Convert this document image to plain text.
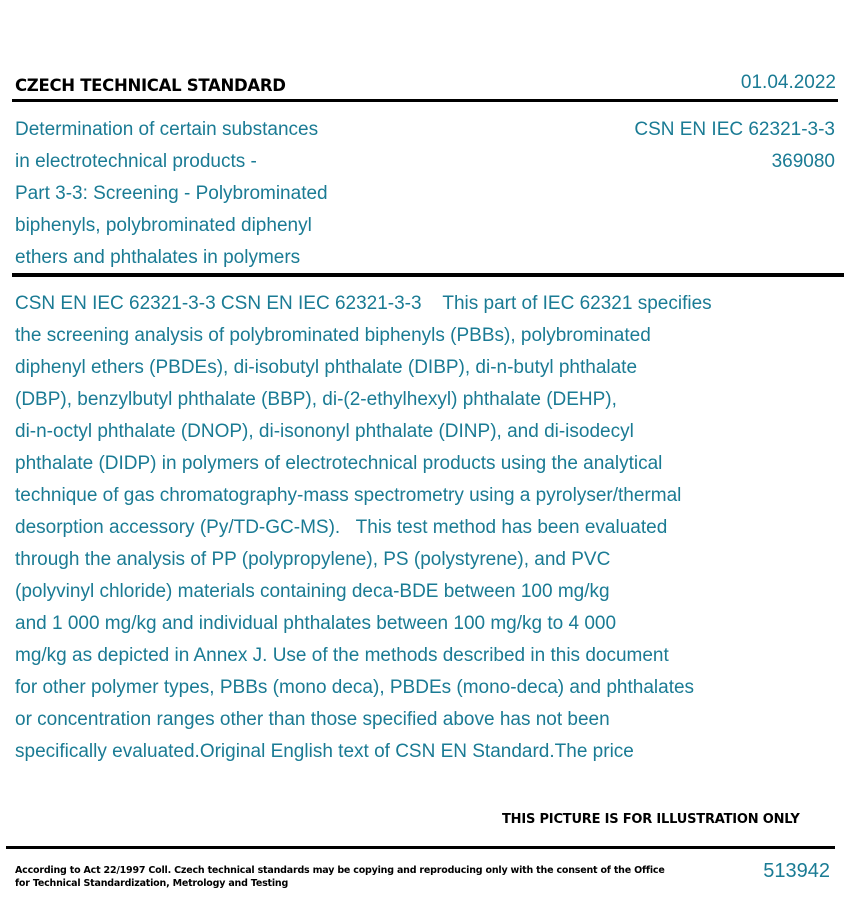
CZECH TECHNICAL STANDARD	01.04.2022
Determination of certain substances
in electrotechnical products -
Part 3-3: Screening - Polybrominated
biphenyls, polybrominated diphenyl
ethers and phthalates in polymers
CSN EN IEC 62321-3-3
369080
CSN EN IEC 62321-3-3 CSN EN IEC 62321-3-3    This part of IEC 62321 specifies
the screening analysis of polybrominated biphenyls (PBBs), polybrominated
diphenyl ethers (PBDEs), di-isobutyl phthalate (DIBP), di-n-butyl phthalate
(DBP), benzylbutyl phthalate (BBP), di-(2-ethylhexyl) phthalate (DEHP),
di-n-octyl phthalate (DNOP), di-isononyl phthalate (DINP), and di-isodecyl
phthalate (DIDP) in polymers of electrotechnical products using the analytical
technique of gas chromatography-mass spectrometry using a pyrolyser/thermal
desorption accessory (Py/TD-GC-MS).   This test method has been evaluated
through the analysis of PP (polypropylene), PS (polystyrene), and PVC
(polyvinyl chloride) materials containing deca-BDE between 100 mg/kg
and 1 000 mg/kg and individual phthalates between 100 mg/kg to 4 000
mg/kg as depicted in Annex J. Use of the methods described in this document
for other polymer types, PBBs (mono deca), PBDEs (mono-deca) and phthalates
or concentration ranges other than those specified above has not been
specifically evaluated.Original English text of CSN EN Standard.The price
THIS PICTURE IS FOR ILLUSTRATION ONLY
According to Act 22/1997 Coll. Czech technical standards may be copying and reproducing only with the consent of the Office
for Technical Standardization, Metrology and Testing
513942
